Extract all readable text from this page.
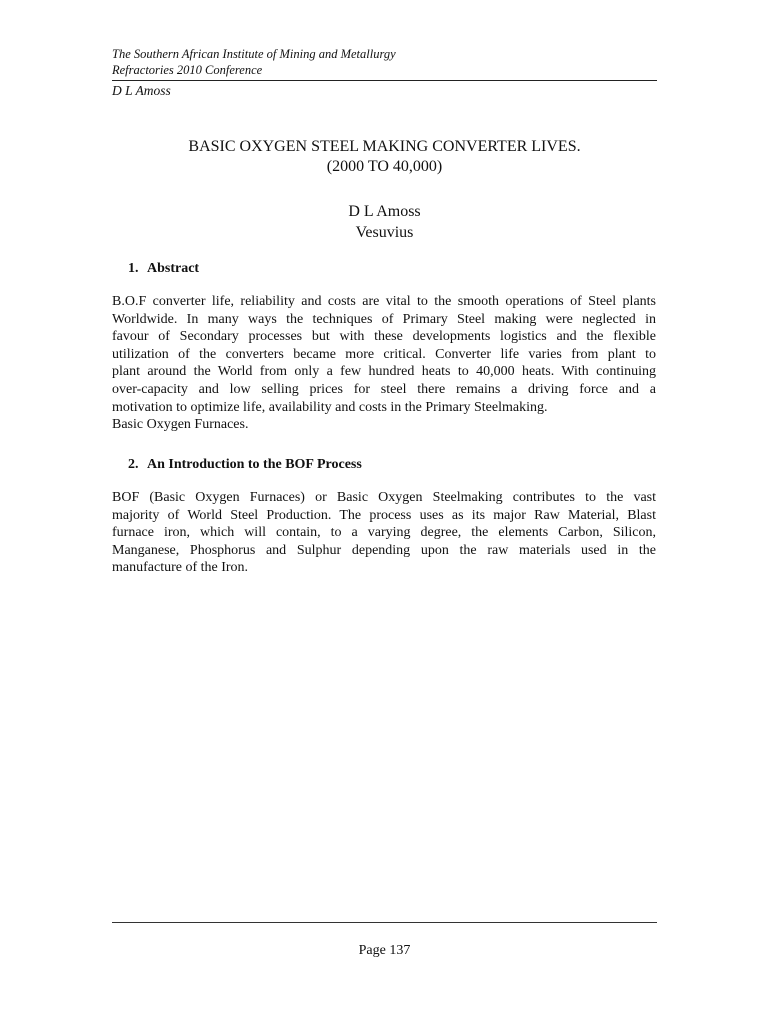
The Southern African Institute of Mining and Metallurgy

Refractories 2010 Conference

D L Amoss

BASIC OXYGEN STEEL MAKING CONVERTER LIVES.

(2000 TO 40,000)

D L Amoss

Vesuvius

1. Abstract

B.O.F converter life, reliability and costs are vital to the smooth operations of Steel plants
Worldwide. In many ways the techniques of Primary Steel making were neglected in
favour of Secondary processes but with these developments logistics and the flexible
utilization of the converters became more critical. Converter life varies from plant to
plant around the World from only a few hundred heats to 40,000 heats. With continuing
over-capacity and low selling prices for steel there remains a driving force and a
motivation to optimize life, availability and costs in the Primary Steelmaking.
Basic Oxygen Furnaces.

2. An Introduction to the BOF Process

BOF (Basic Oxygen Furnaces) or Basic Oxygen Steelmaking contributes to the vast
majority of World Steel Production. The process uses as its major Raw Material, Blast
furnace iron, which will contain, to a varying degree, the elements Carbon, Silicon,
Manganese, Phosphorus and Sulphur depending upon the raw materials used in the
manufacture of the Iron.

Page 137
